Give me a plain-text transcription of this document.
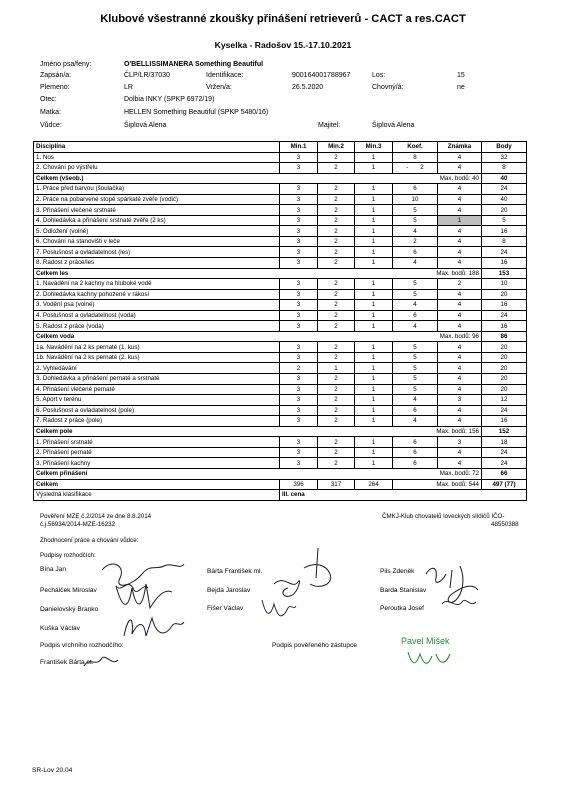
Klubové všestranné zkoušky přinášení retrieverů - CACT a res.CACT
Kyselka - Radošov 15.-17.10.2021
Jméno psa/feny:	O'BELLISSIMANERA Something Beautiful
Zapsán/a:	ČLP/LR/37030	Identifikace:	900164001788967	Los:	15
Plemeno:	LR	Vržen/a:	26.5.2020	Chovný/á:	ne
Otec:	Dolbia INKY (SPKP 6972/19)
Matka:	HELLEN Something Beautiful (SPKP 5480/16)
Vůdce:	Šiplová Alena	Majitel:	Šiplová Alena
Disciplína	Min.1	Min.2	Min.3	Koef.	Známka	Body
1. Nos	3	2	1	8	4	32
2. Chování po výstřelu	3	2	1	- 2	4	8
Celkem (všeob.)				Max. bodů: 40		40
1. Práce před barvou (šoulačka)	3	2	1	6	4	24
2. Práce na pobarvené stopě spárkaté zvěře (vodič)	3	2	1	10	4	40
3. Přinášení vlečené srstnaté	3	2	1	5	4	20
4. Dohledávka a přinášení srstnaté zvěře (2 ks)	3	2	1	5	1	5
5. Odložení (volné)	3	2	1	4	4	16
6. Chování na stanovišti v leče	3	2	1	2	4	8
7. Poslušnost a ovladatelnost (les)	3	2	1	6	4	24
8. Radost z práce/les	3	2	1	4	4	16
Celkem les				Max. bodů: 188		153
1. Navádění na 2 kachny na hluboké vodě	3	2	1	5	2	10
2. Dohledávka kachny pohozené v rákosí	3	2	1	5	4	20
3. Vodění psa (volné)	3	2	1	4	4	16
4. Poslušnost a ovladatelnost (voda)	3	2	1	6	4	24
5. Radost z práce (voda)	3	2	1	4	4	16
Celkem voda				Max. bodů: 96		86
1a. Navádění na 2 ks pernaté (1. kus)	3	2	1	5	4	20
1b. Navádění na 2 ks pernaté (2. kus)	3	2	1	5	4	20
2. Vyhledávání	2	1	1	5	4	20
3. Dohledávka a přinášení pernaté a srstnaté	3	2	1	5	4	20
4. Přinášení vlečené pernaté	3	2	1	5	4	20
5. Aport v terénu	3	2	1	4	3	12
6. Poslušnost a ovladatelnost (pole)	3	2	1	6	4	24
7. Radost z práce (pole)	3	2	1	4	4	16
Celkem pole				Max. bodů: 156		152
1. Přinášení srstnaté	3	2	1	6	3	18
2. Přinášení pernaté	3	2	1	6	4	24
3. Přinášení kachny	3	2	1	6	4	24
Celkem přinášení				Max. bodů: 72		66
Celkem	396	317	264	Max. bodů: 544		497 (77)
Výsledná klasifikace	III. cena					
Pověření MZE č.2/2014 ze dne 8.8.2014
č.j.56934/2014-MZE-16232
ČMKJ-Klub chovatelů loveckých slídičů IČO-
48550388
Zhodnocení práce a chování vůdce:
Podpisy rozhodčích:
Bína Jan
Pechálček Miroslav
Danielovský Branko
Kuška Václav
Bárta František ml.
Bejda Jaroslav
Fišer Václav
Pils Zdeněk
Barda Stanislav
Peroutka Josef
Podpis vrchního rozhodčího:
František Bárta st.
Podpis pověřeného zástupce	Pavel Mišek
SR-Lov 20.04
